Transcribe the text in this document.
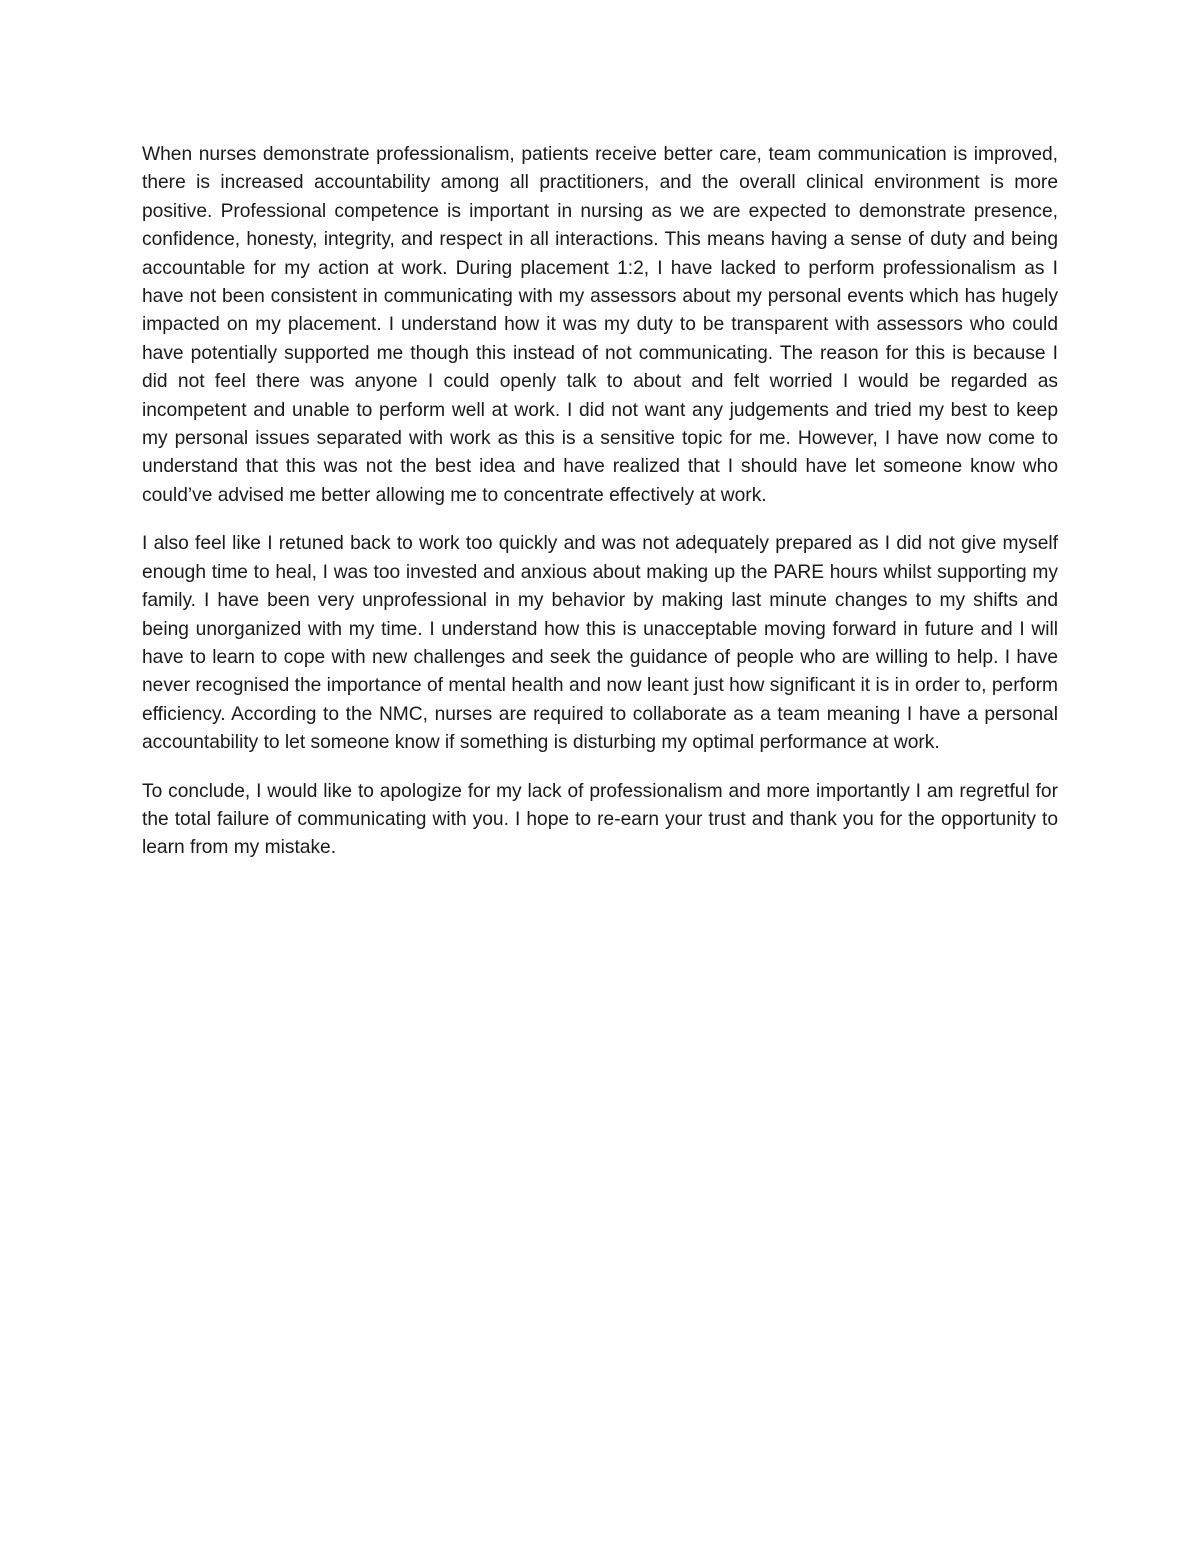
When nurses demonstrate professionalism, patients receive better care, team communication is improved, there is increased accountability among all practitioners, and the overall clinical environment is more positive. Professional competence is important in nursing as we are expected to demonstrate presence, confidence, honesty, integrity, and respect in all interactions. This means having a sense of duty and being accountable for my action at work. During placement 1:2, I have lacked to perform professionalism as I have not been consistent in communicating with my assessors about my personal events which has hugely impacted on my placement. I understand how it was my duty to be transparent with assessors who could have potentially supported me though this instead of not communicating. The reason for this is because I did not feel there was anyone I could openly talk to about and felt worried I would be regarded as incompetent and unable to perform well at work. I did not want any judgements and tried my best to keep my personal issues separated with work as this is a sensitive topic for me. However, I have now come to understand that this was not the best idea and have realized that I should have let someone know who could’ve advised me better allowing me to concentrate effectively at work.

I also feel like I retuned back to work too quickly and was not adequately prepared as I did not give myself enough time to heal, I was too invested and anxious about making up the PARE hours whilst supporting my family. I have been very unprofessional in my behavior by making last minute changes to my shifts and being unorganized with my time. I understand how this is unacceptable moving forward in future and I will have to learn to cope with new challenges and seek the guidance of people who are willing to help. I have never recognised the importance of mental health and now leant just how significant it is in order to, perform efficiency. According to the NMC, nurses are required to collaborate as a team meaning I have a personal accountability to let someone know if something is disturbing my optimal performance at work.

To conclude, I would like to apologize for my lack of professionalism and more importantly I am regretful for the total failure of communicating with you. I hope to re-earn your trust and thank you for the opportunity to learn from my mistake.
